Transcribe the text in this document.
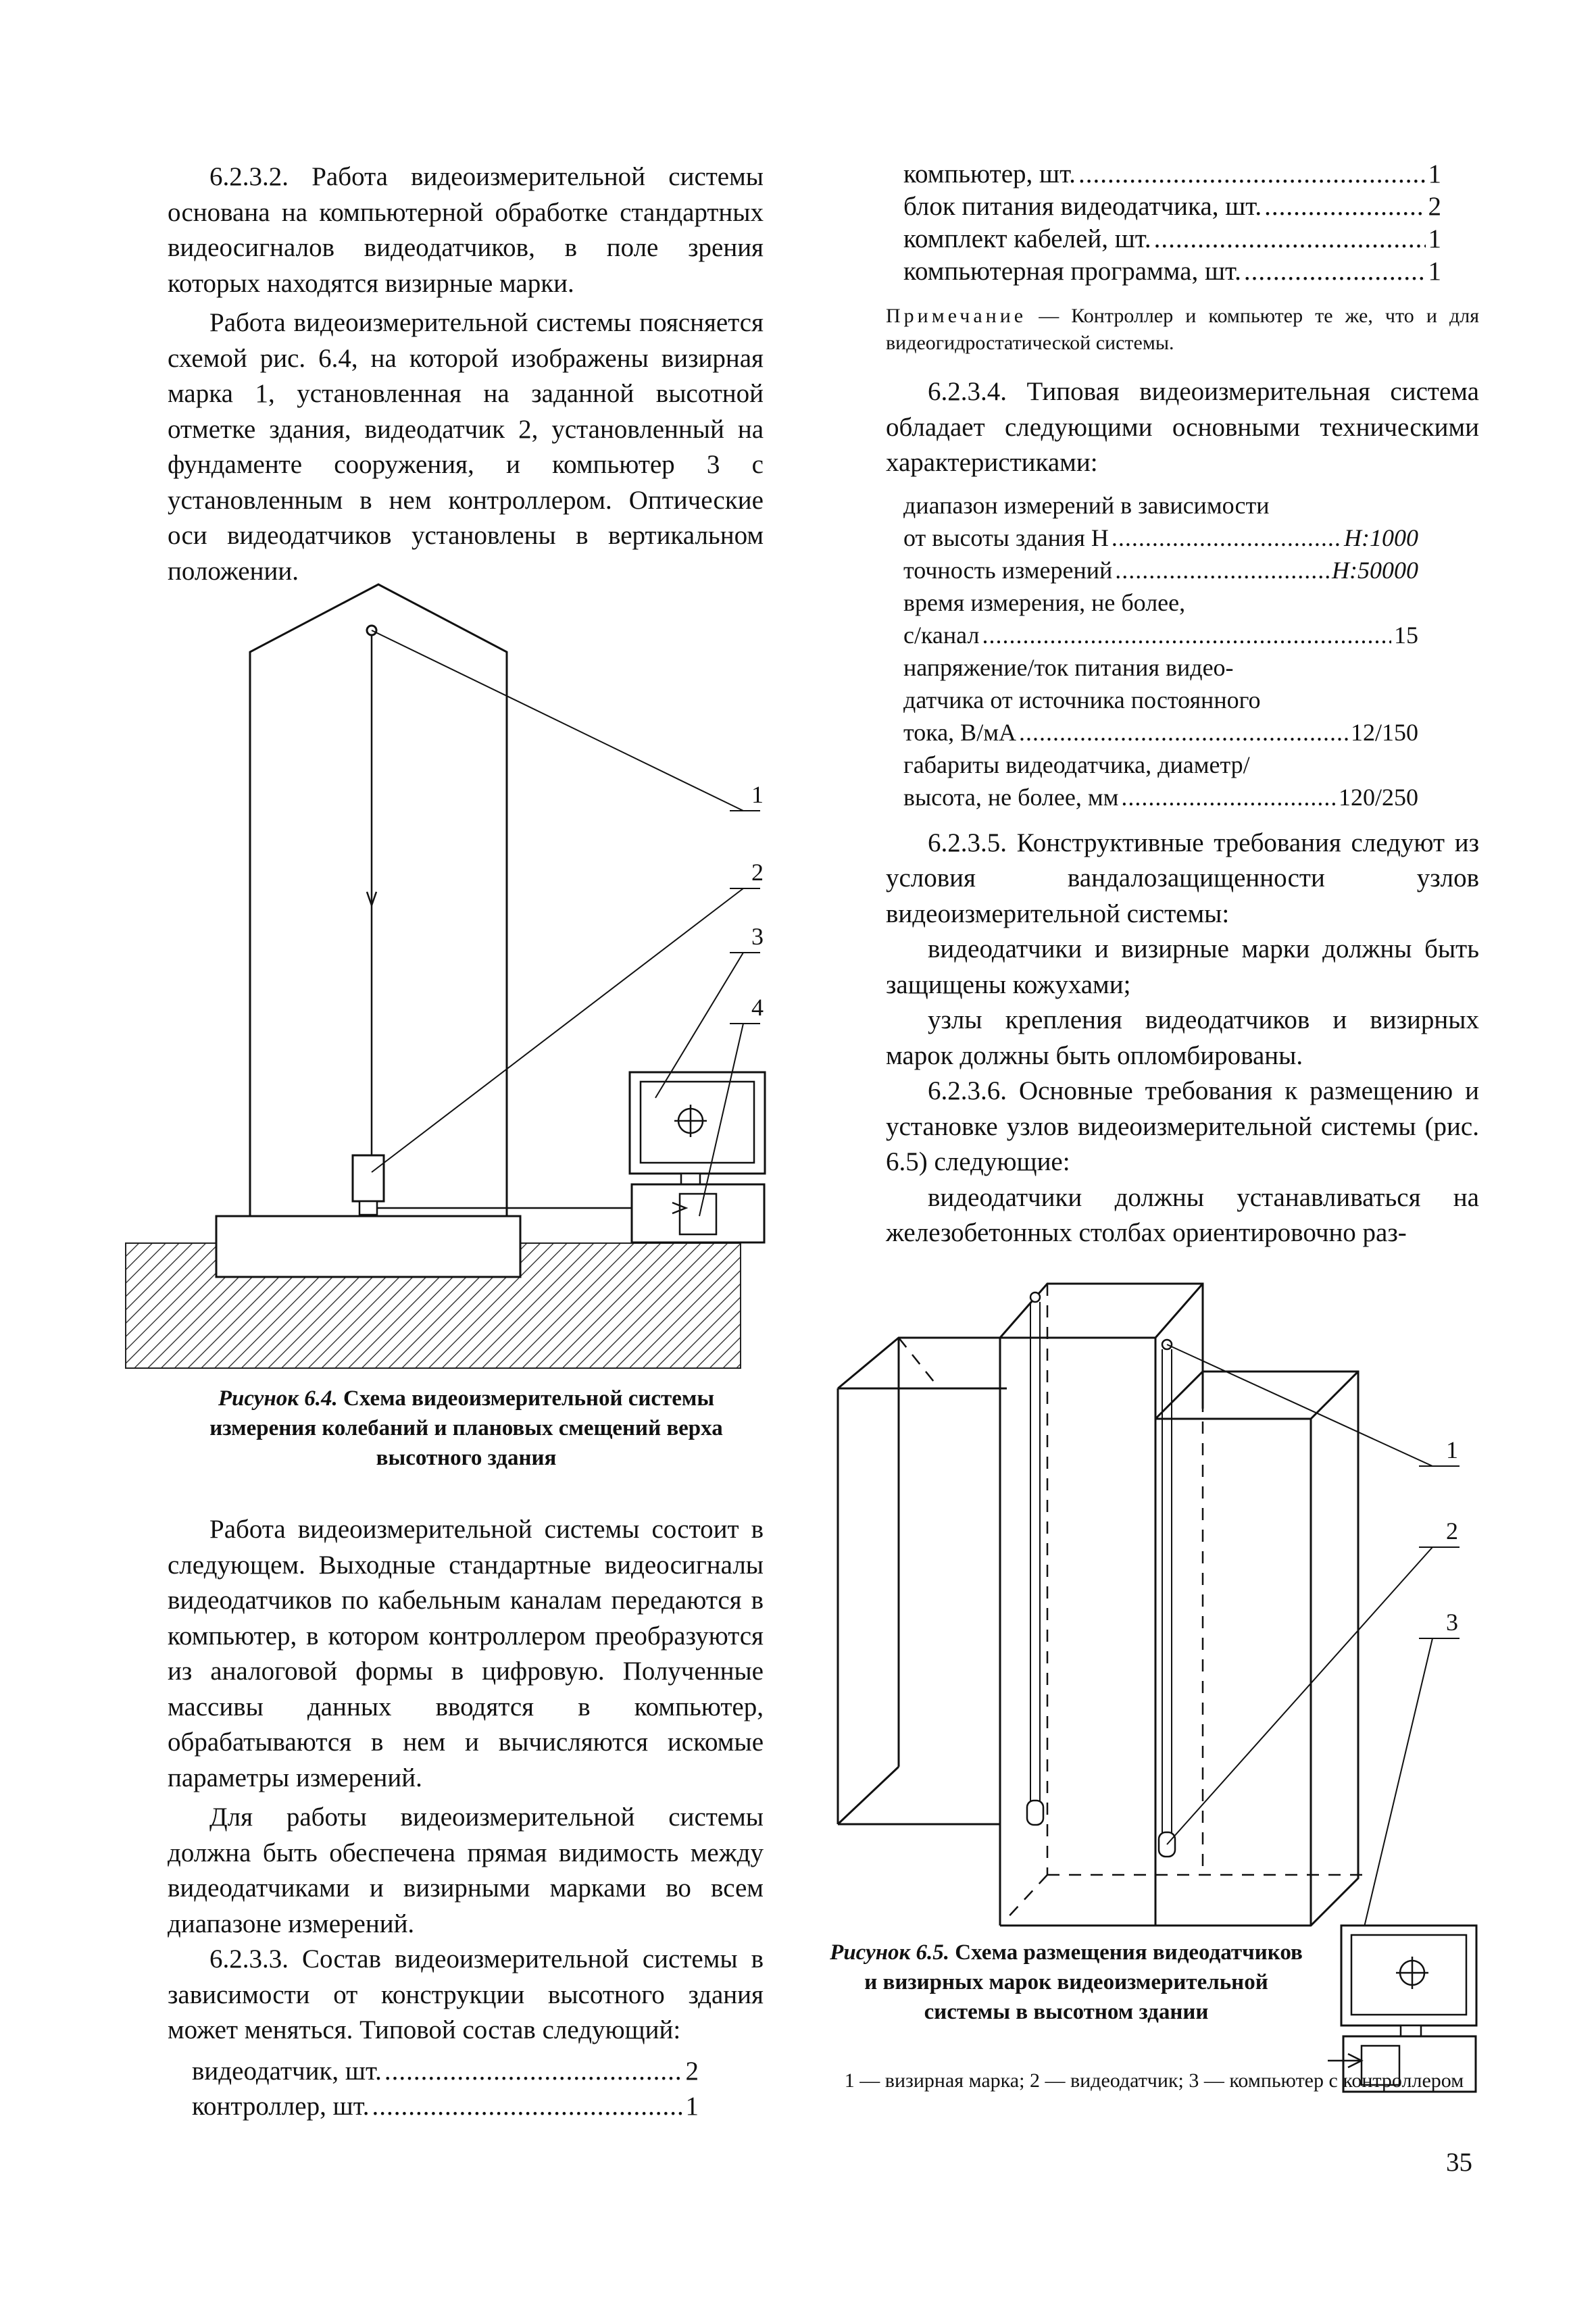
6.2.3.2. Работа видеоизмерительной системы основана на компьютерной обработке стандартных видеосигналов видеодатчиков, в поле зрения которых находятся визирные марки.

Работа видеоизмерительной системы поясняется схемой рис. 6.4, на которой изображены визирная марка 1, установленная на заданной высотной отметке здания, видеодатчик 2, установленный на фундаменте сооружения, и компьютер 3 с установленным в нем контроллером. Оптические оси видеодатчиков установлены в вертикальном положении.

1
2
3
4
Рисунок 6.4. Схема видеоизмерительной системы измерения колебаний и плановых смещений верха высотного здания

Работа видеоизмерительной системы состоит в следующем. Выходные стандартные видеосигналы видеодатчиков по кабельным каналам передаются в компьютер, в котором контроллером преобразуются из аналоговой формы в цифровую. Полученные массивы данных вводятся в компьютер, обрабатываются в нем и вычисляются искомые параметры измерений.

Для работы видеоизмерительной системы должна быть обеспечена прямая видимость между видеодатчиками и визирными марками во всем диапазоне измерений.

6.2.3.3. Состав видеоизмерительной системы в зависимости от конструкции высотного здания может меняться. Типовой состав следующий:

видеодатчик, шт. .....	2
контроллер, шт. .....	1
компьютер, шт. .....	1
блок питания видеодатчика, шт. .....	2
комплект кабелей, шт. .....	1
компьютерная программа, шт. .....	1

Примечание — Контроллер и компьютер те же, что и для видеогидростатической системы.

6.2.3.4. Типовая видеоизмерительная система обладает следующими основными техническими характеристиками:

диапазон измерений в зависимости
от высоты здания H .....	H:1000
точность измерений .....	H:50000
время измерения, не более,
с/канал .....	15
напряжение/ток питания видео-
датчика от источника постоянного
тока, В/мА .....	12/150
габариты видеодатчика, диаметр/
высота, не более, мм .....	120/250

6.2.3.5. Конструктивные требования следуют из условия вандалозащищенности узлов видеоизмерительной системы:

видеодатчики и визирные марки должны быть защищены кожухами;

узлы крепления видеодатчиков и визирных марок должны быть опломбированы.

6.2.3.6. Основные требования к размещению и установке узлов видеоизмерительной системы (рис. 6.5) следующие:

видеодатчики должны устанавливаться на железобетонных столбах ориентировочно раз-

1
2
3
Рисунок 6.5. Схема размещения видеодатчиков и визирных марок видеоизмерительной системы в высотном здании
1 — визирная марка; 2 — видеодатчик; 3 — компьютер с контроллером
35
